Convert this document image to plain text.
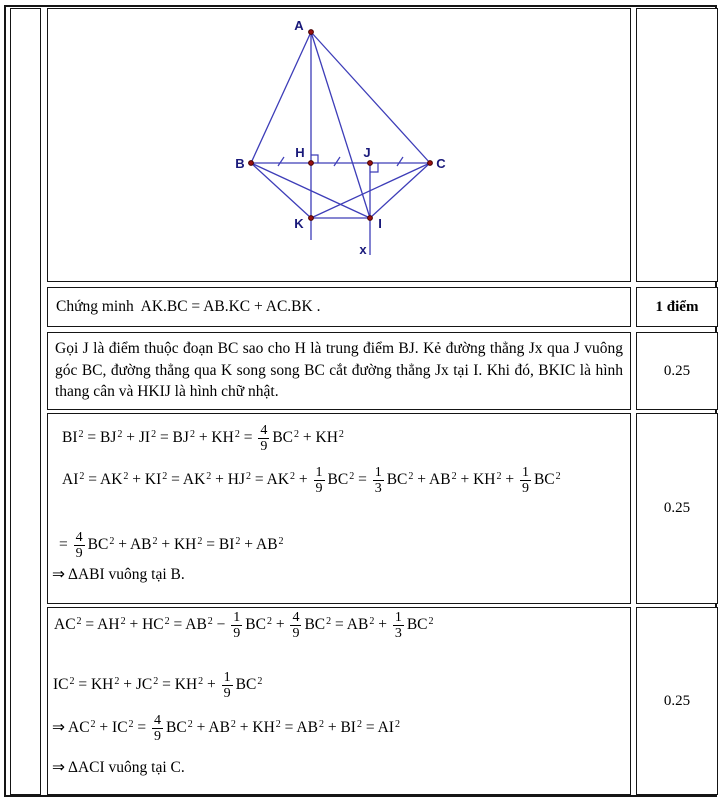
A
B
H	J
C
K	I
x
Chứng minh  AK.BC = AB.KC + AC.BK .	1 điểm
Gọi J là điểm thuộc đoạn BC sao cho H là trung điểm BJ. Kẻ đường thẳng Jx qua J vuông góc BC, đường thẳng qua K song song BC cắt đường thẳng Jx tại I. Khi đó, BKIC là hình thang cân và HKIJ là hình chữ nhật.
0.25
$BI^2 = BJ^2 + JI^2 = BJ^2 + KH^2 = \frac{4}{9} BC^2 + KH^2$
$AI^2 = AK^2 + KI^2 = AK^2 + HJ^2 = AK^2 + \frac{1}{9} BC^2 = \frac{1}{3} BC^2 + AB^2 + KH^2 + \frac{1}{9} BC^2$
= $\frac{4}{9} BC^2 + AB^2 + KH^2 = BI^2 + AB^2$
⇒ ΔABI vuông tại B.
0.25
$AC^2 = AH^2 + HC^2 = AB^2 - \frac{1}{9} BC^2 + \frac{4}{9} BC^2 = AB^2 + \frac{1}{3} BC^2$
$IC^2 = KH^2 + JC^2 = KH^2 + \frac{1}{9} BC^2$
⇒ $AC^2 + IC^2 = \frac{4}{9} BC^2 + AB^2 + KH^2 = AB^2 + BI^2 = AI^2$
⇒ ΔACI vuông tại C.
0.25
